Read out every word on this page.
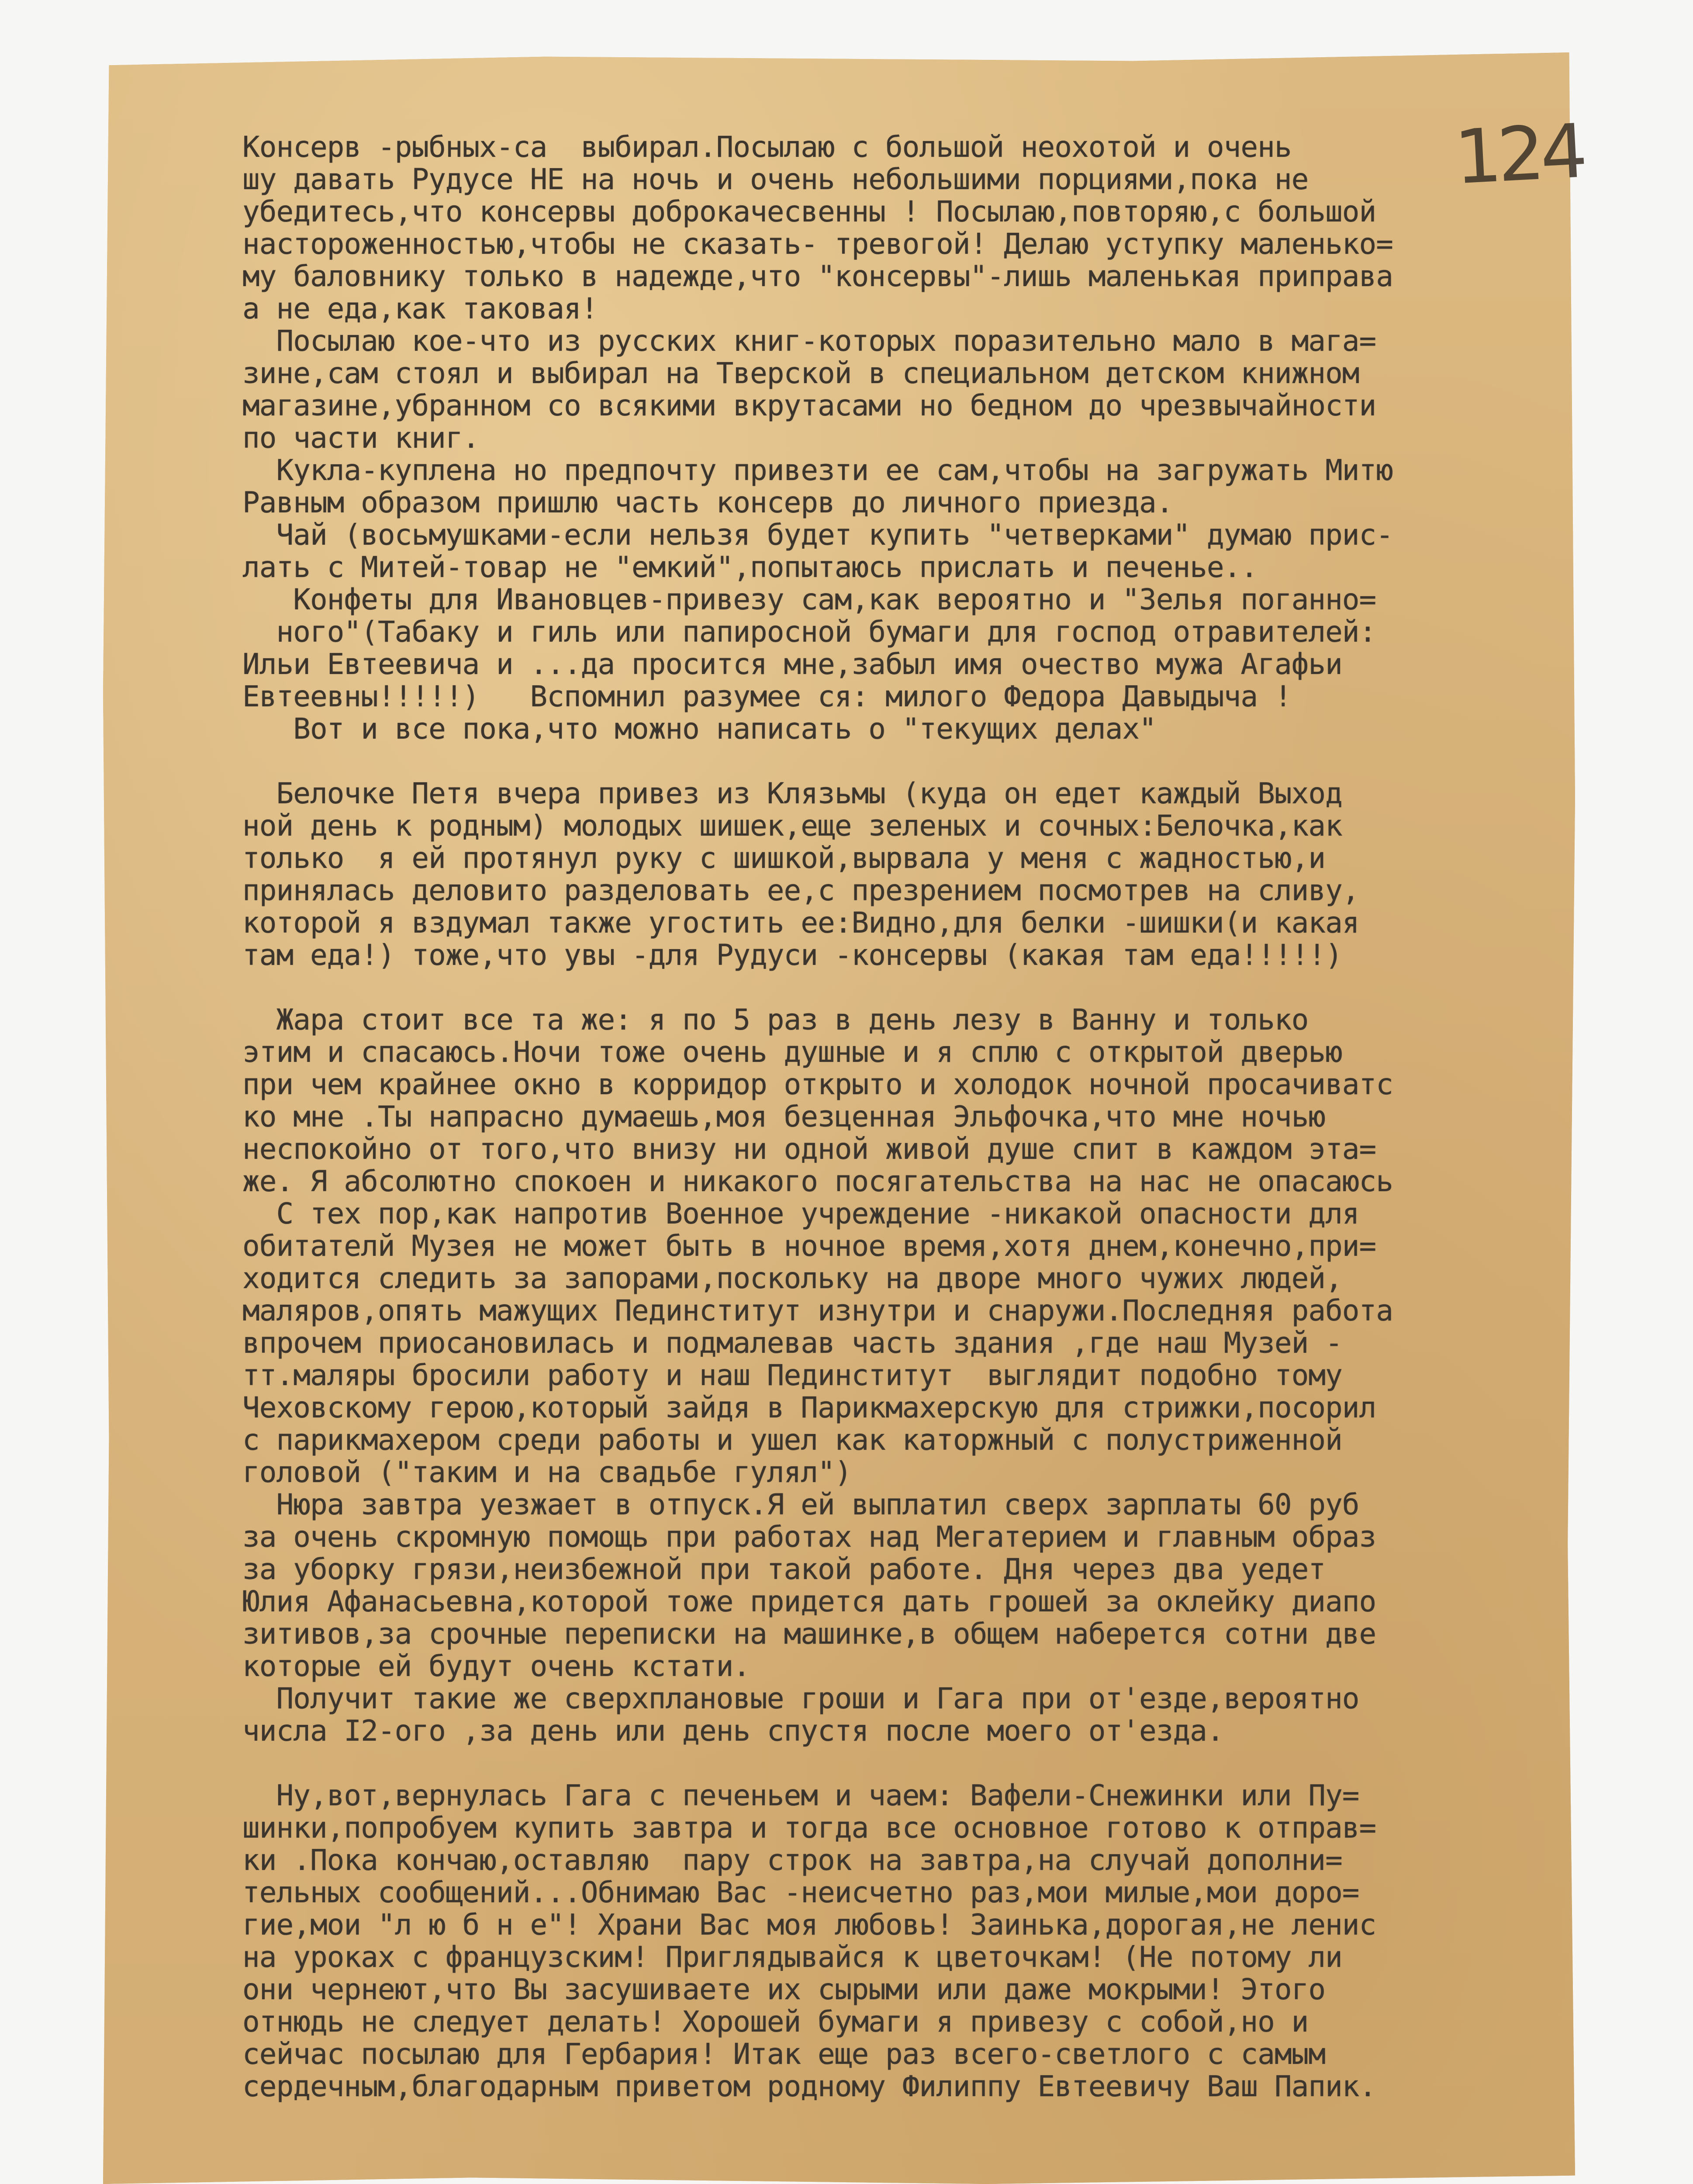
124
Консерв -рыбных-са  выбирал.Посылаю с большой неохотой и очень
шу давать Рудусе НЕ на ночь и очень небольшими порциями,пока не
убедитесь,что консервы доброкачесвенны ! Посылаю,повторяю,с большой
настороженностью,чтобы не сказать- тревогой! Делаю уступку маленько=
му баловнику только в надежде,что "консервы"-лишь маленькая приправа
а не еда,как таковая!
Посылаю кое-что из русских книг-которых поразительно мало в мага=
зине,сам стоял и выбирал на Тверской в специальном детском книжном
магазине,убранном со всякими вкрутасами но бедном до чрезвычайности
по части книг.
Кукла-куплена но предпочту привезти ее сам,чтобы на загружать Митю
Равным образом пришлю часть консерв до личного приезда.
Чай (восьмушками-если нельзя будет купить "четверками" думаю прис-
лать с Митей-товар не "емкий",попытаюсь прислать и печенье..
Конфеты для Ивановцев-привезу сам,как вероятно и "Зелья поганно=
ного"(Табаку и гиль или папиросной бумаги для господ отравителей:
Ильи Евтеевича и ...да просится мне,забыл имя очество мужа Агафьи
Евтеевны!!!!!)   Вспомнил разумее ся: милого Федора Давыдыча !
Вот и все пока,что можно написать о "текущих делах"
Белочке Петя вчера привез из Клязьмы (куда он едет каждый Выход
ной день к родным) молодых шишек,еще зеленых и сочных:Белочка,как
только  я ей протянул руку с шишкой,вырвала у меня с жадностью,и
принялась деловито разделовать ее,с презрением посмотрев на сливу,
которой я вздумал также угостить ее:Видно,для белки -шишки(и какая
там еда!) тоже,что увы -для Рудуси -консервы (какая там еда!!!!!)
Жара стоит все та же: я по 5 раз в день лезу в Ванну и только
этим и спасаюсь.Ночи тоже очень душные и я сплю с открытой дверью
при чем крайнее окно в корридор открыто и холодок ночной просачиватс
ко мне .Ты напрасно думаешь,моя безценная Эльфочка,что мне ночью
неспокойно от того,что внизу ни одной живой душе спит в каждом эта=
же. Я абсолютно спокоен и никакого посягательства на нас не опасаюсь
С тех пор,как напротив Военное учреждение -никакой опасности для
обитателй Музея не может быть в ночное время,хотя днем,конечно,при=
ходится следить за запорами,поскольку на дворе много чужих людей,
маляров,опять мажущих Пединститут изнутри и снаружи.Последняя работа
впрочем приосановилась и подмалевав часть здания ,где наш Музей -
тт.маляры бросили работу и наш Пединститут  выглядит подобно тому
Чеховскому герою,который зайдя в Парикмахерскую для стрижки,посорил
с парикмахером среди работы и ушел как каторжный с полустриженной
головой ("таким и на свадьбе гулял")
Нюра завтра уезжает в отпуск.Я ей выплатил сверх зарплаты 60 руб
за очень скромную помощь при работах над Мегатерием и главным образ
за уборку грязи,неизбежной при такой работе. Дня через два уедет
Юлия Афанасьевна,которой тоже придется дать грошей за оклейку диапо
зитивов,за срочные переписки на машинке,в общем наберется сотни две
которые ей будут очень кстати.
Получит такие же сверхплановые гроши и Гага при от'езде,вероятно
числа I2-ого ,за день или день спустя после моего от'езда.
Ну,вот,вернулась Гага с печеньем и чаем: Вафели-Снежинки или Пу=
шинки,попробуем купить завтра и тогда все основное готово к отправ=
ки .Пока кончаю,оставляю  пару строк на завтра,на случай дополни=
тельных сообщений...Обнимаю Вас -неисчетно раз,мои милые,мои доро=
гие,мои "л ю б н е"! Храни Вас моя любовь! Заинька,дорогая,не ленис
на уроках с французским! Приглядывайся к цветочкам! (Не потому ли
они чернеют,что Вы засушиваете их сырыми или даже мокрыми! Этого
отнюдь не следует делать! Хорошей бумаги я привезу с собой,но и
сейчас посылаю для Гербария! Итак еще раз всего-светлого с самым
сердечным,благодарным приветом родному Филиппу Евтеевичу Ваш Папик.
